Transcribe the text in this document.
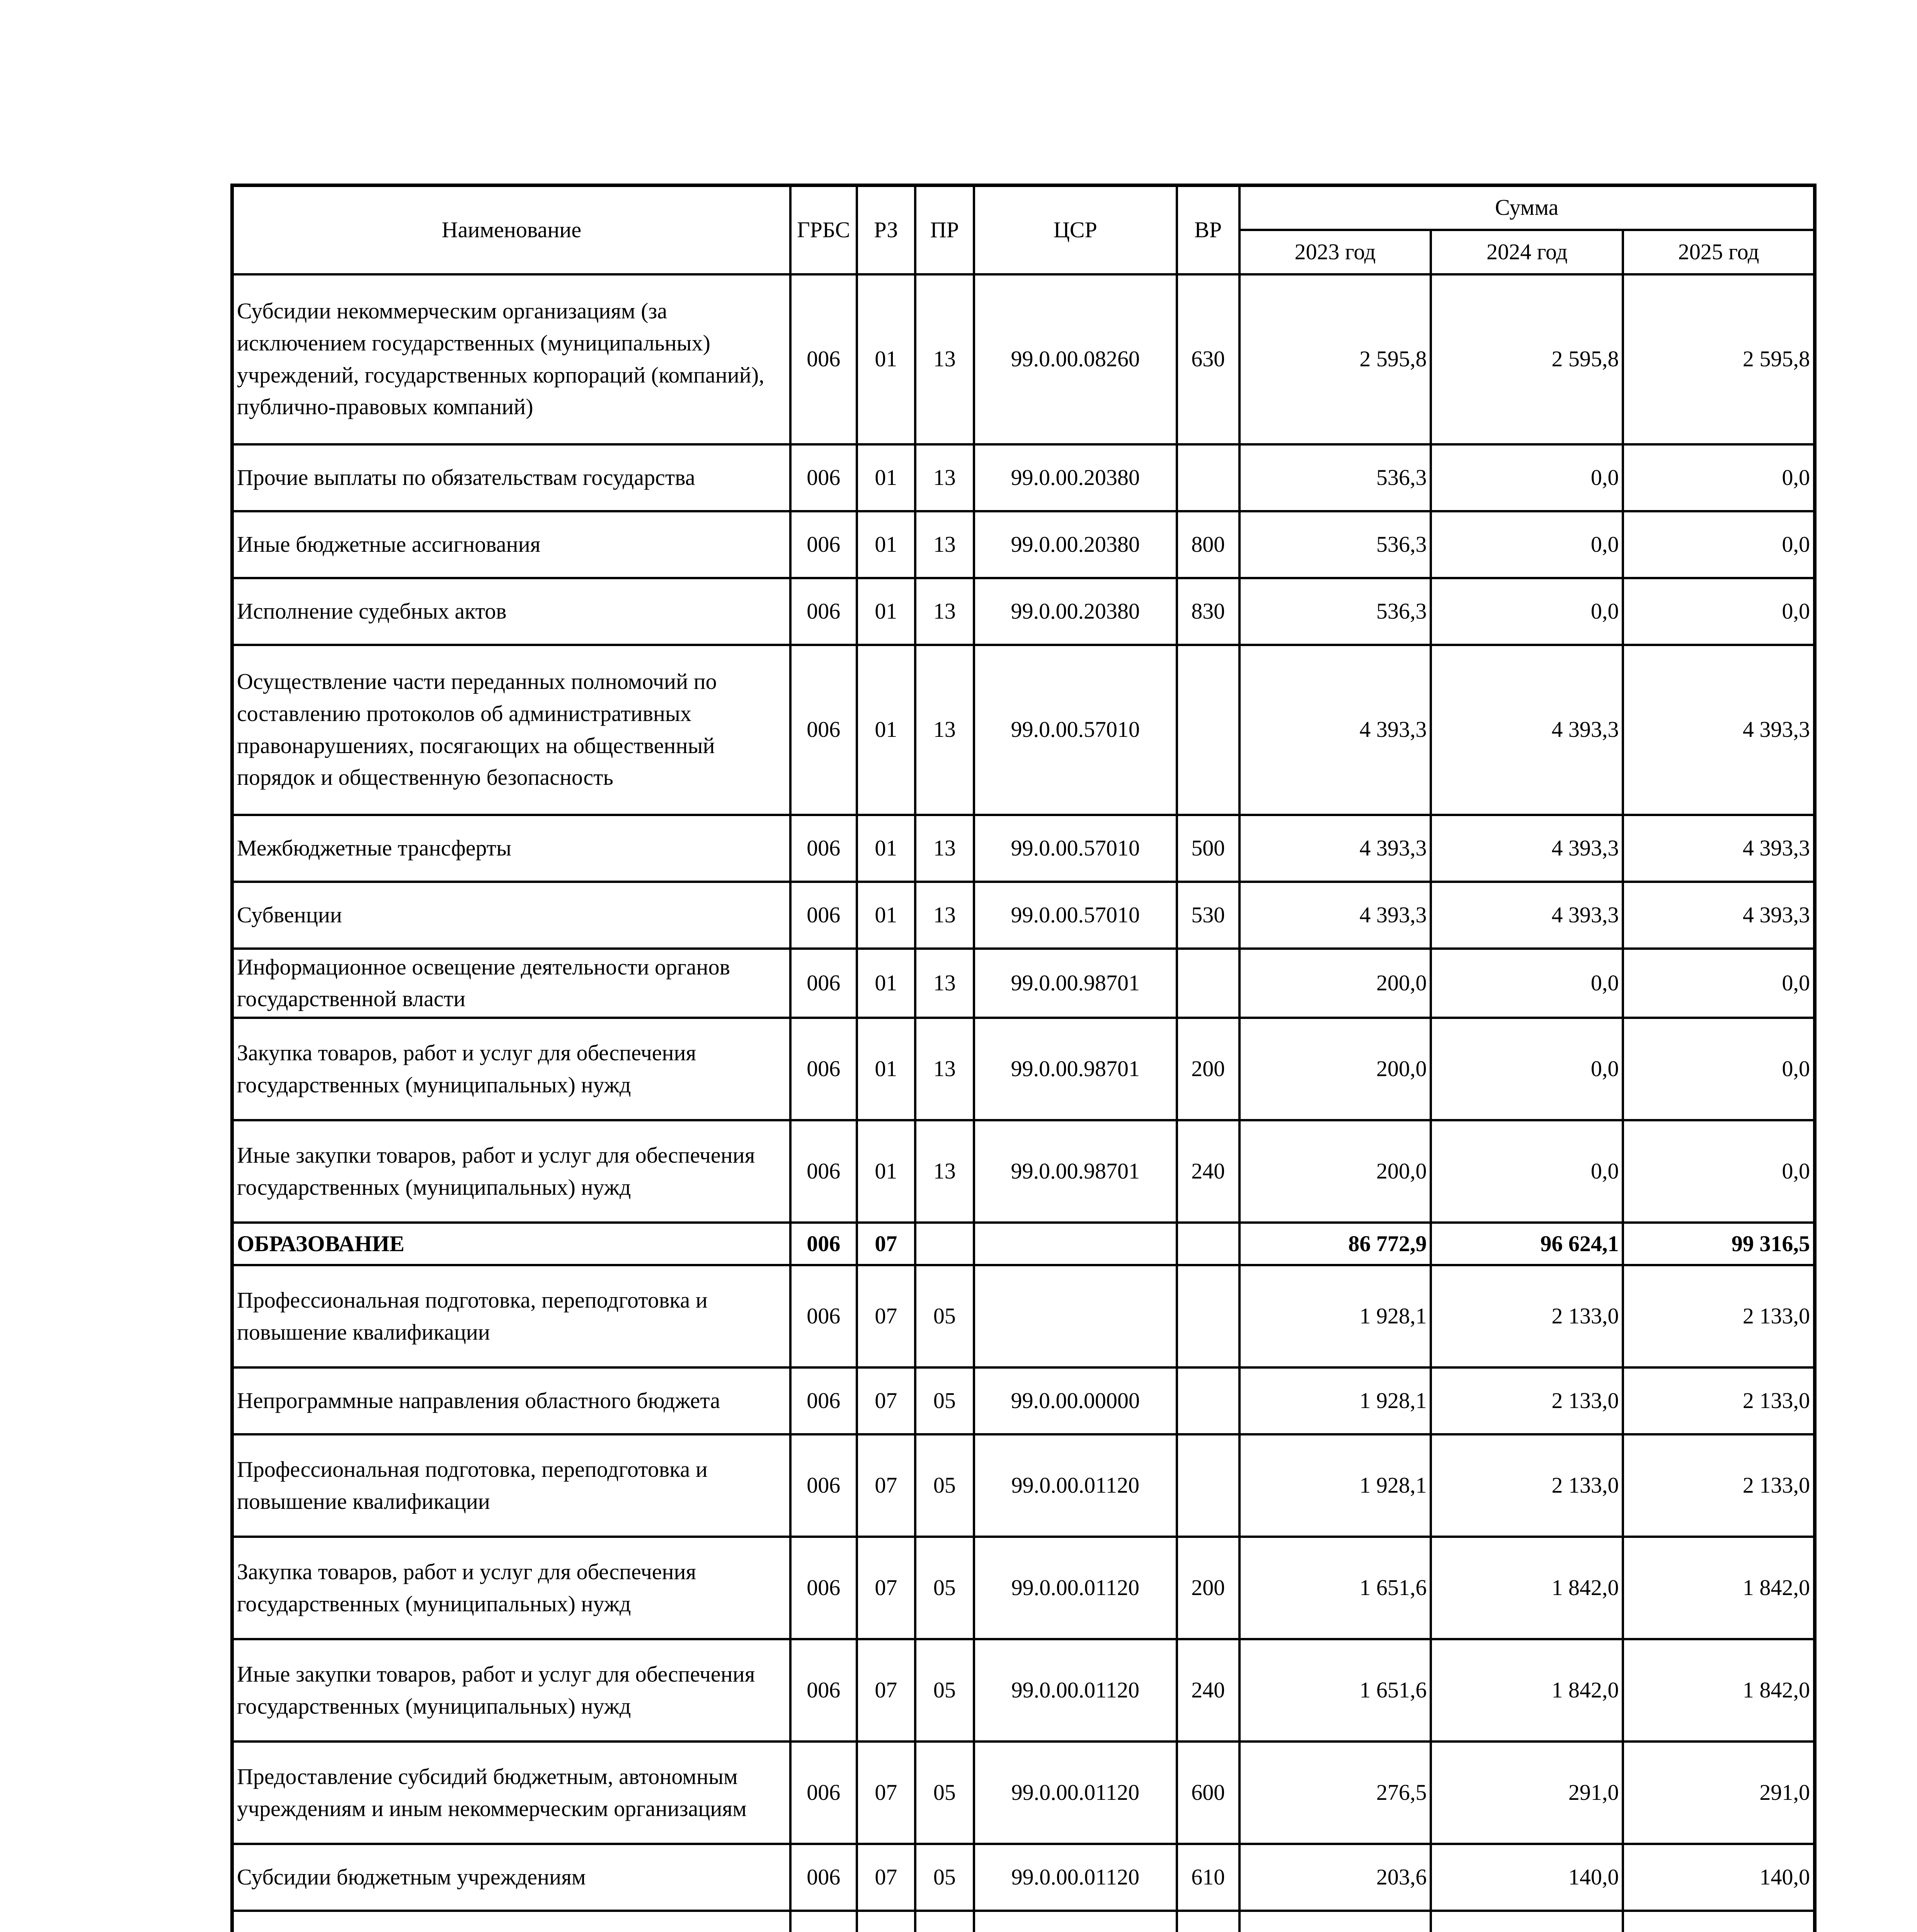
Наименование	ГРБС	РЗ	ПР	ЦСР	ВР	Сумма		
						2023 год	2024 год	2025 год
Субсидии некоммерческим организациям (за исключением государственных (муниципальных) учреждений, государственных корпораций (компаний), публично-правовых компаний)	006	01	13	99.0.00.08260	630	2 595,8	2 595,8	2 595,8
Прочие выплаты по обязательствам государства	006	01	13	99.0.00.20380		536,3	0,0	0,0
Иные бюджетные ассигнования	006	01	13	99.0.00.20380	800	536,3	0,0	0,0
Исполнение судебных актов	006	01	13	99.0.00.20380	830	536,3	0,0	0,0
Осуществление части переданных полномочий по составлению протоколов об административных правонарушениях, посягающих на общественный порядок и общественную безопасность	006	01	13	99.0.00.57010		4 393,3	4 393,3	4 393,3
Межбюджетные трансферты	006	01	13	99.0.00.57010	500	4 393,3	4 393,3	4 393,3
Субвенции	006	01	13	99.0.00.57010	530	4 393,3	4 393,3	4 393,3
Информационное освещение деятельности органов государственной власти	006	01	13	99.0.00.98701		200,0	0,0	0,0
Закупка товаров, работ и услуг для обеспечения государственных (муниципальных) нужд	006	01	13	99.0.00.98701	200	200,0	0,0	0,0
Иные закупки товаров, работ и услуг для обеспечения государственных (муниципальных) нужд	006	01	13	99.0.00.98701	240	200,0	0,0	0,0
ОБРАЗОВАНИЕ	006	07				86 772,9	96 624,1	99 316,5
Профессиональная подготовка, переподготовка и повышение квалификации	006	07	05			1 928,1	2 133,0	2 133,0
Непрограммные направления областного бюджета	006	07	05	99.0.00.00000		1 928,1	2 133,0	2 133,0
Профессиональная подготовка, переподготовка и повышение квалификации	006	07	05	99.0.00.01120		1 928,1	2 133,0	2 133,0
Закупка товаров, работ и услуг для обеспечения государственных (муниципальных) нужд	006	07	05	99.0.00.01120	200	1 651,6	1 842,0	1 842,0
Иные закупки товаров, работ и услуг для обеспечения государственных (муниципальных) нужд	006	07	05	99.0.00.01120	240	1 651,6	1 842,0	1 842,0
Предоставление субсидий бюджетным, автономным учреждениям и иным некоммерческим организациям	006	07	05	99.0.00.01120	600	276,5	291,0	291,0
Субсидии бюджетным учреждениям	006	07	05	99.0.00.01120	610	203,6	140,0	140,0
